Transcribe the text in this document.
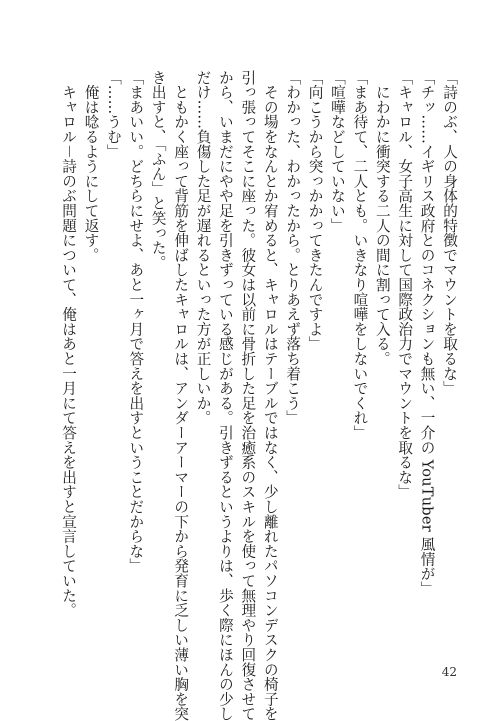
「詩のぶ、人の身体的特徴でマウントを取るな」
「チッ……イギリス政府とのコネクションも無い、一介の YouTuber 風情が」
「キャロル、女子高生に対して国際政治力でマウントを取るな」
　にわかに衝突する二人の間に割って入る。
「まあ待て、二人とも。いきなり喧嘩をしないでくれ」
「喧嘩などしていない」
「向こうから突っかかってきたんですよ」
「わかった、わかったから。とりあえず落ち着こう」
　その場をなんとか宥めると、キャロルはテーブルではなく、少し離れたパソコンデスクの椅子を
引っ張ってそこに座った。彼女は以前に骨折した足を治癒系のスキルを使って無理やり回復させて
から、いまだにやや足を引きずっている感じがある。引きずるというよりは、歩く際にほんの少し
だけ……負傷した足が遅れるといった方が正しいか。
　ともかく座って背筋を伸ばしたキャロルは、アンダーアーマーの下から発育に乏しい薄い胸を突
き出すと、「ふん」と笑った。
「まあいい。どちらにせよ、あと一ヶ月で答えを出すということだからな」
「……うむ」
　俺は唸るようにして返す。
　キャロル－詩のぶ問題について、俺はあと一月にて答えを出すと宣言していた。
42
